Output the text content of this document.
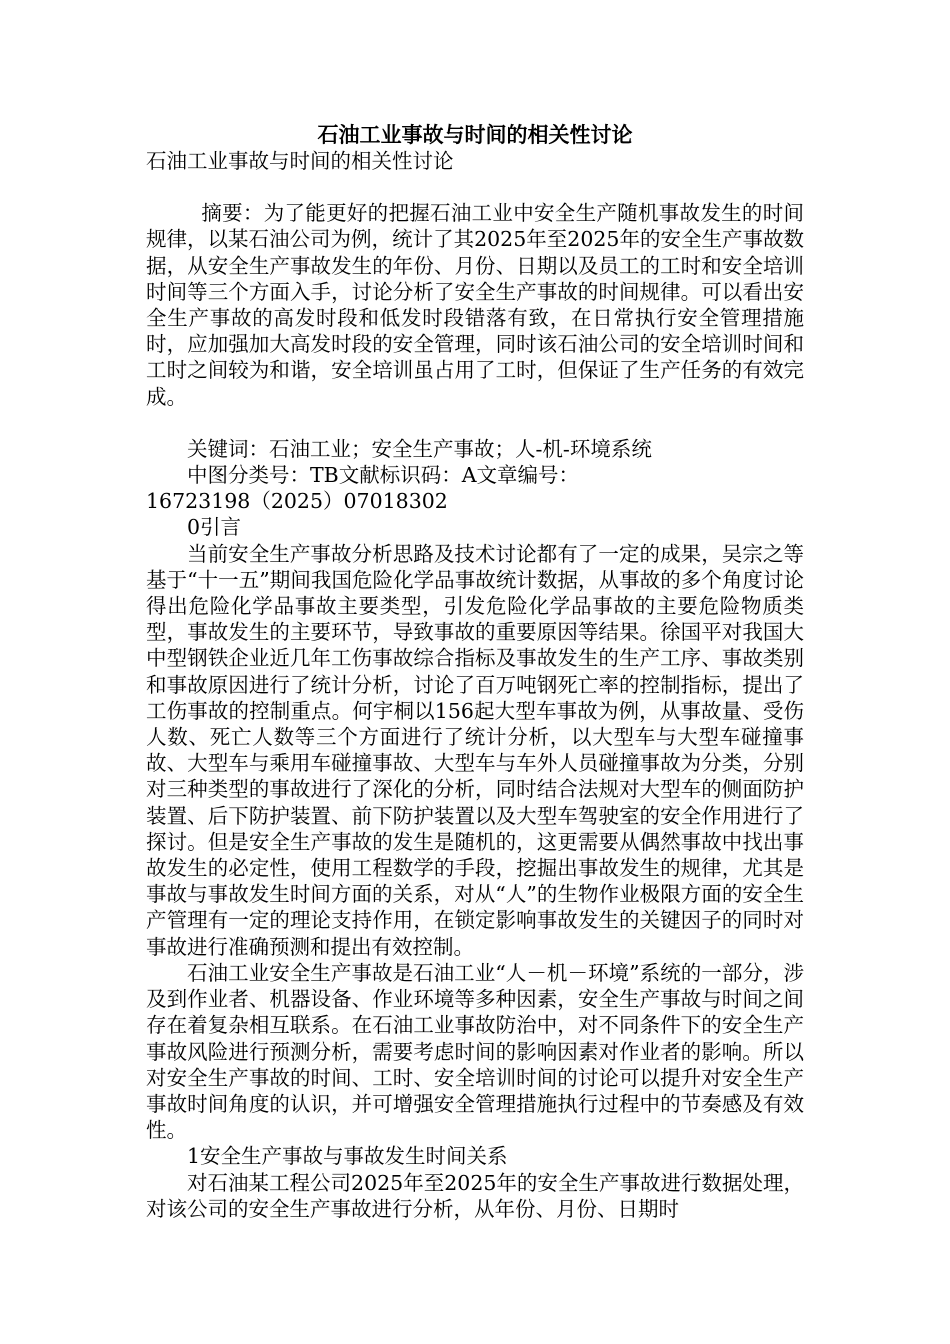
石油工业事故与时间的相关性讨论

石油工业事故与时间的相关性讨论

摘要：为了能更好的把握石油工业中安全生产随机事故发生的时间规律，以某石油公司为例，统计了其2025年至2025年的安全生产事故数据，从安全生产事故发生的年份、月份、日期以及员工的工时和安全培训时间等三个方面入手，讨论分析了安全生产事故的时间规律。可以看出安全生产事故的高发时段和低发时段错落有致，在日常执行安全管理措施时，应加强加大高发时段的安全管理，同时该石油公司的安全培训时间和工时之间较为和谐，安全培训虽占用了工时，但保证了生产任务的有效完成。

关键词：石油工业；安全生产事故；人-机-环境系统

中图分类号：TB文献标识码：A文章编号：

16723198（2025）07018302

0引言

当前安全生产事故分析思路及技术讨论都有了一定的成果，吴宗之等基于“十一五”期间我国危险化学品事故统计数据，从事故的多个角度讨论得出危险化学品事故主要类型，引发危险化学品事故的主要危险物质类型，事故发生的主要环节，导致事故的重要原因等结果。徐国平对我国大中型钢铁企业近几年工伤事故综合指标及事故发生的生产工序、事故类别和事故原因进行了统计分析，讨论了百万吨钢死亡率的控制指标，提出了工伤事故的控制重点。何宇桐以156起大型车事故为例，从事故量、受伤人数、死亡人数等三个方面进行了统计分析，以大型车与大型车碰撞事故、大型车与乘用车碰撞事故、大型车与车外人员碰撞事故为分类，分别对三种类型的事故进行了深化的分析，同时结合法规对大型车的侧面防护装置、后下防护装置、前下防护装置以及大型车驾驶室的安全作用进行了探讨。但是安全生产事故的发生是随机的，这更需要从偶然事故中找出事故发生的必定性，使用工程数学的手段，挖掘出事故发生的规律，尤其是事故与事故发生时间方面的关系，对从“人”的生物作业极限方面的安全生产管理有一定的理论支持作用，在锁定影响事故发生的关键因子的同时对事故进行准确预测和提出有效控制。

石油工业安全生产事故是石油工业“人－机－环境”系统的一部分，涉及到作业者、机器设备、作业环境等多种因素，安全生产事故与时间之间存在着复杂相互联系。在石油工业事故防治中，对不同条件下的安全生产事故风险进行预测分析，需要考虑时间的影响因素对作业者的影响。所以对安全生产事故的时间、工时、安全培训时间的讨论可以提升对安全生产事故时间角度的认识，并可增强安全管理措施执行过程中的节奏感及有效性。

1安全生产事故与事故发生时间关系

对石油某工程公司2025年至2025年的安全生产事故进行数据处理，对该公司的安全生产事故进行分析，从年份、月份、日期时
